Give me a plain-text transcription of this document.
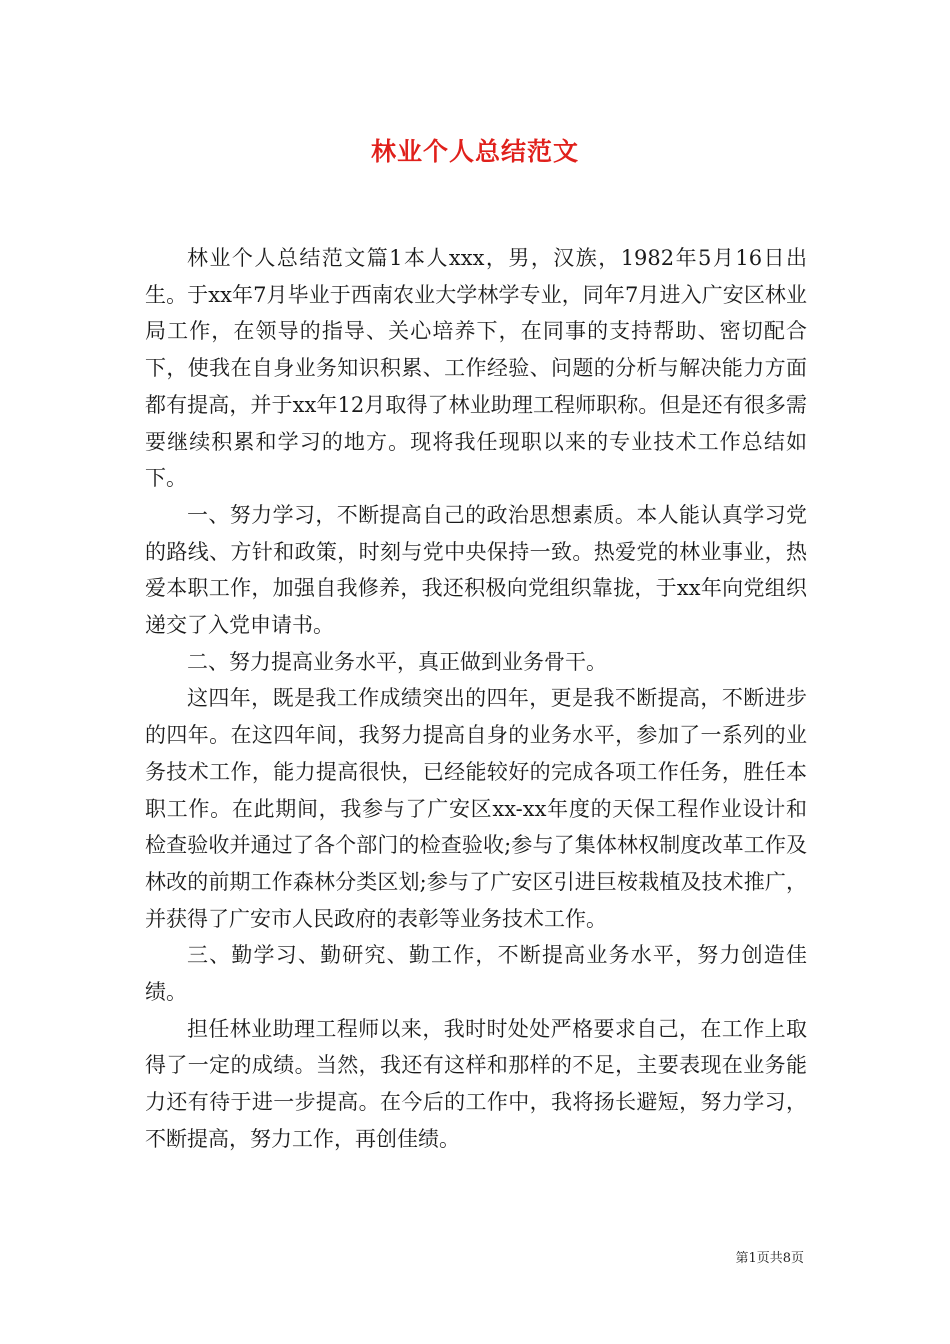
林业个人总结范文

林业个人总结范文篇1本人xxx，男，汉族，1982年5月16日出生。于xx年7月毕业于西南农业大学林学专业，同年7月进入广安区林业局工作，在领导的指导、关心培养下，在同事的支持帮助、密切配合下，使我在自身业务知识积累、工作经验、问题的分析与解决能力方面都有提高，并于xx年12月取得了林业助理工程师职称。但是还有很多需要继续积累和学习的地方。现将我任现职以来的专业技术工作总结如下。

一、努力学习，不断提高自己的政治思想素质。本人能认真学习党的路线、方针和政策，时刻与党中央保持一致。热爱党的林业事业，热爱本职工作，加强自我修养，我还积极向党组织靠拢，于xx年向党组织递交了入党申请书。

二、努力提高业务水平，真正做到业务骨干。

这四年，既是我工作成绩突出的四年，更是我不断提高，不断进步的四年。在这四年间，我努力提高自身的业务水平，参加了一系列的业务技术工作，能力提高很快，已经能较好的完成各项工作任务，胜任本职工作。在此期间，我参与了广安区xx-xx年度的天保工程作业设计和检查验收并通过了各个部门的检查验收;参与了集体林权制度改革工作及林改的前期工作森林分类区划;参与了广安区引进巨桉栽植及技术推广，并获得了广安市人民政府的表彰等业务技术工作。

三、勤学习、勤研究、勤工作，不断提高业务水平，努力创造佳绩。

担任林业助理工程师以来，我时时处处严格要求自己，在工作上取得了一定的成绩。当然，我还有这样和那样的不足，主要表现在业务能力还有待于进一步提高。在今后的工作中，我将扬长避短，努力学习，不断提高，努力工作，再创佳绩。

第1页共8页
